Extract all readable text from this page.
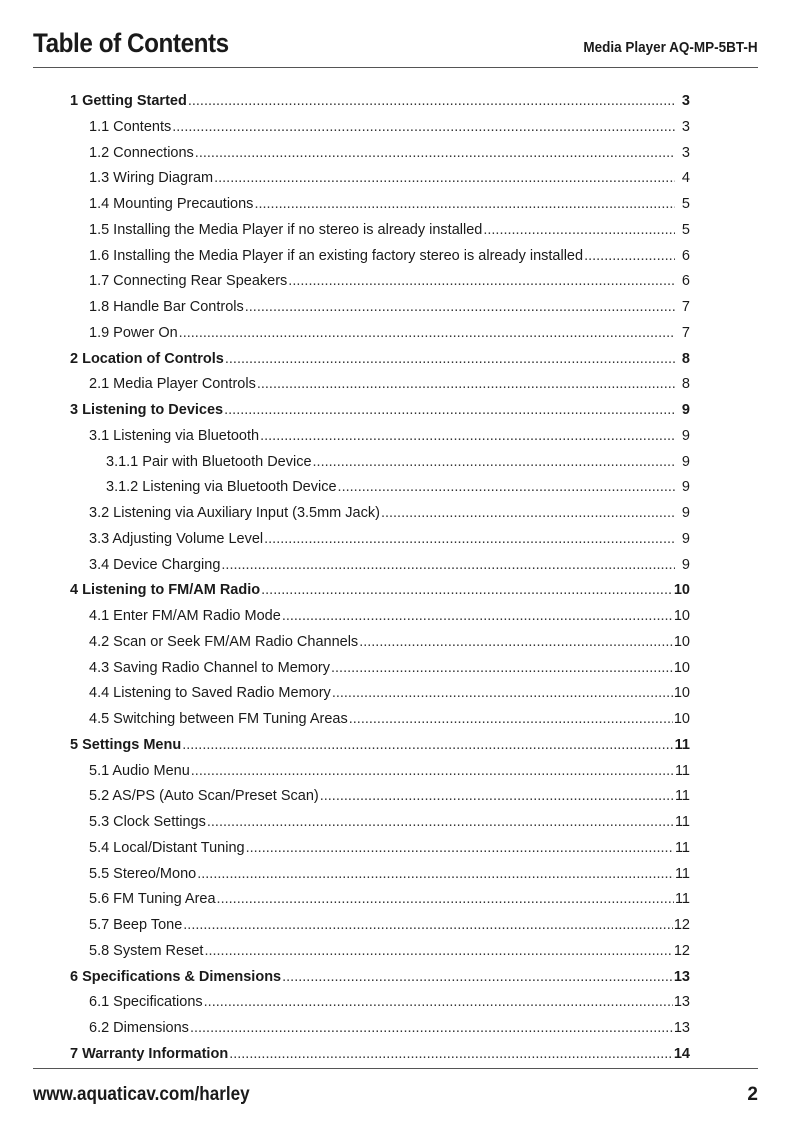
Table of Contents	Media Player AQ-MP-5BT-H
1 Getting Started .....	3
1.1 Contents .....	3
1.2 Connections .....	3
1.3 Wiring Diagram .....	4
1.4 Mounting Precautions .....	5
1.5 Installing the Media Player if no stereo is already installed .....	5
1.6 Installing the Media Player if an existing factory stereo is already installed .....	6
1.7 Connecting Rear Speakers .....	6
1.8 Handle Bar Controls .....	7
1.9 Power On .....	7
2 Location of Controls .....	8
2.1 Media Player Controls .....	8
3 Listening to Devices .....	9
3.1 Listening via Bluetooth .....	9
3.1.1 Pair with Bluetooth Device .....	9
3.1.2 Listening via Bluetooth Device .....	9
3.2 Listening via Auxiliary Input (3.5mm Jack) .....	9
3.3 Adjusting Volume Level .....	9
3.4 Device Charging .....	9
4 Listening to FM/AM Radio .....	10
4.1 Enter FM/AM Radio Mode .....	10
4.2 Scan or Seek FM/AM Radio Channels .....	10
4.3 Saving Radio Channel to Memory .....	10
4.4 Listening to Saved Radio Memory .....	10
4.5 Switching between FM Tuning Areas .....	10
5 Settings Menu .....	11
5.1 Audio Menu .....	11
5.2 AS/PS (Auto Scan/Preset Scan) .....	11
5.3 Clock Settings .....	11
5.4 Local/Distant Tuning .....	11
5.5 Stereo/Mono .....	11
5.6 FM Tuning Area .....	11
5.7 Beep Tone .....	12
5.8 System Reset .....	12
6 Specifications & Dimensions .....	13
6.1 Specifications .....	13
6.2 Dimensions .....	13
7 Warranty Information .....	14
www.aquaticav.com/harley	2
